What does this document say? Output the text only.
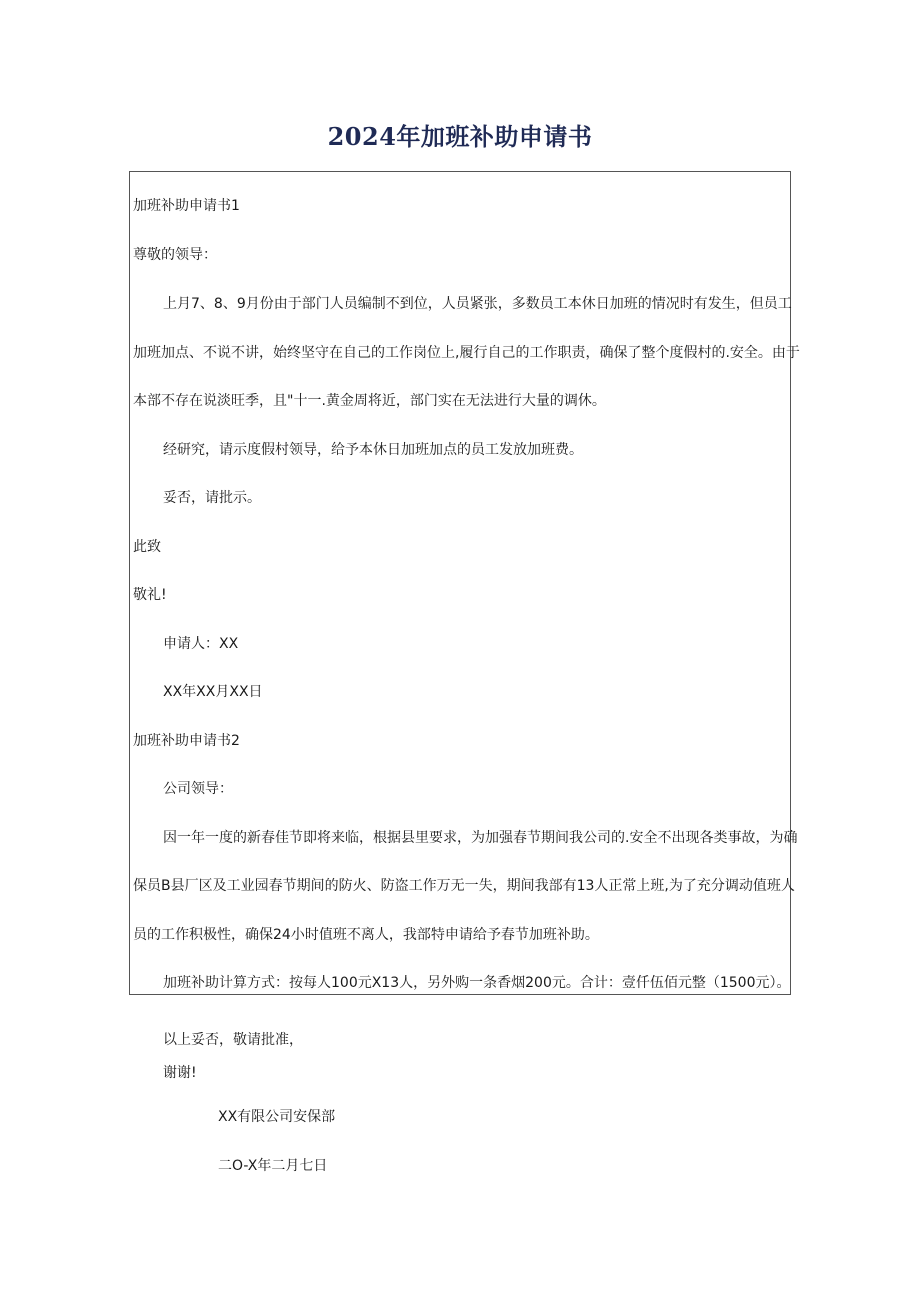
2024年加班补助申请书
加班补助申请书1
尊敬的领导：
上月7、8、9月份由于部门人员编制不到位，人员紧张，多数员工本休日加班的情况时有发生，但员工
加班加点、不说不讲，始终坚守在自己的工作岗位上,履行自己的工作职责，确保了整个度假村的.安全。由于
本部不存在说淡旺季，且"十一.黄金周将近，部门实在无法进行大量的调休。
经研究，请示度假村领导，给予本休日加班加点的员工发放加班费。
妥否，请批示。
此致
敬礼!
申请人：XX
XX年XX月XX日
加班补助申请书2
公司领导：
因一年一度的新春佳节即将来临，根据县里要求，为加强春节期间我公司的.安全不出现各类事故，为确
保员B县厂区及工业园春节期间的防火、防盗工作万无一失，期间我部有13人正常上班,为了充分调动值班人
员的工作积极性，确保24小时值班不离人，我部特申请给予春节加班补助。
加班补助计算方式：按每人100元X13人，另外购一条香烟200元。合计：壹仟伍佰元整（1500元）。
以上妥否，敬请批准，
谢谢!
XX有限公司安保部
二O-X年二月七日
